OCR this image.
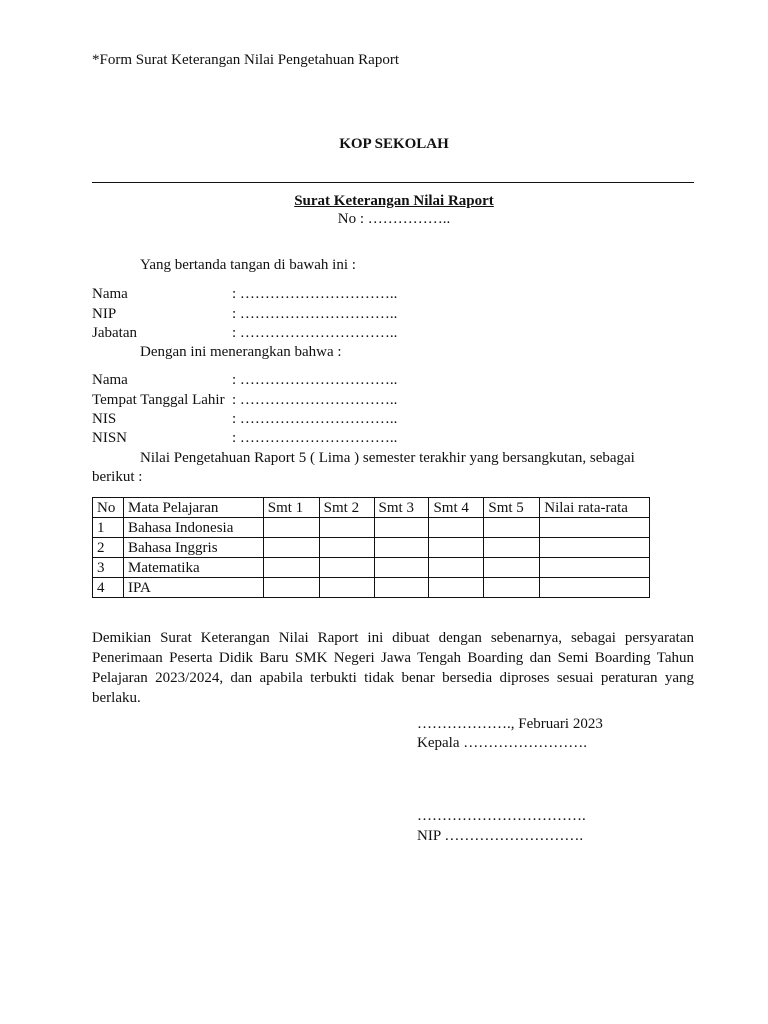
*Form Surat Keterangan Nilai Pengetahuan Raport
KOP SEKOLAH
Surat Keterangan Nilai Raport
No : ……………..
Yang bertanda tangan di bawah ini :
Nama	: …………………………..
NIP	: …………………………..
Jabatan	: …………………………..
Dengan ini menerangkan bahwa :
Nama	: …………………………..
Tempat Tanggal Lahir : …………………………..
NIS	: …………………………..
NISN	: …………………………..
Nilai Pengetahuan Raport 5 ( Lima ) semester terakhir yang bersangkutan, sebagai
berikut :
No	Mata Pelajaran	Smt 1	Smt 2	Smt 3	Smt 4	Smt 5	Nilai rata-rata
1	Bahasa Indonesia						
2	Bahasa Inggris						
3	Matematika						
4	IPA						
Demikian Surat Keterangan Nilai Raport ini dibuat dengan sebenarnya, sebagai persyaratan Penerimaan Peserta Didik Baru SMK Negeri Jawa Tengah Boarding dan Semi Boarding Tahun Pelajaran 2023/2024, dan apabila terbukti tidak benar bersedia diproses sesuai peraturan yang berlaku.
………………., Februari 2023
Kepala …………………….
…………………………….
NIP ……………………….
